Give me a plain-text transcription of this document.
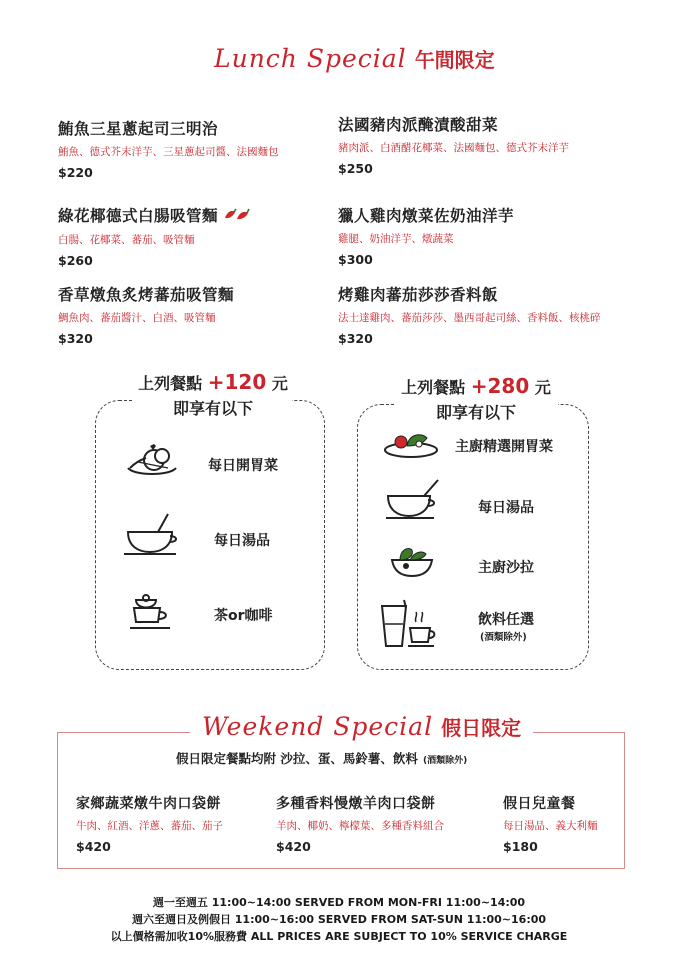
Lunch Special 午間限定
鮪魚三星蔥起司三明治
鮪魚、德式芥末洋芋、三星蔥起司醬、法國麵包
$220
法國豬肉派醃漬酸甜菜
豬肉派、白酒醋花椰菜、法國麵包、德式芥末洋芋
$250
綠花椰德式白腸吸管麵
白腸、花椰菜、蕃茄、吸管麵
$260
獵人雞肉燉菜佐奶油洋芋
雞腿、奶油洋芋、燉蔬菜
$300
香草燉魚炙烤蕃茄吸管麵
鯛魚肉、蕃茄醬汁、白酒、吸管麵
$320
烤雞肉蕃茄莎莎香料飯
法士達雞肉、蕃茄莎莎、墨西哥起司絲、香料飯、核桃碎
$320
上列餐點 +120 元
即享有以下
每日開胃菜
每日湯品
茶or咖啡
上列餐點 +280 元
即享有以下
主廚精選開胃菜
每日湯品
主廚沙拉
飲料任選
(酒類除外)
Weekend Special 假日限定
假日限定餐點均附 沙拉、蛋、馬鈴薯、飲料 (酒類除外)
家鄉蔬菜燉牛肉口袋餅
牛肉、紅酒、洋蔥、蕃茄、茄子
$420
多種香料慢燉羊肉口袋餅
羊肉、椰奶、檸檬葉、多種香料組合
$420
假日兒童餐
每日湯品、義大利麵
$180
週一至週五 11:00~14:00 SERVED FROM MON-FRI 11:00~14:00
週六至週日及例假日 11:00~16:00 SERVED FROM SAT-SUN 11:00~16:00
以上價格需加收10%服務費 ALL PRICES ARE SUBJECT TO 10% SERVICE CHARGE
